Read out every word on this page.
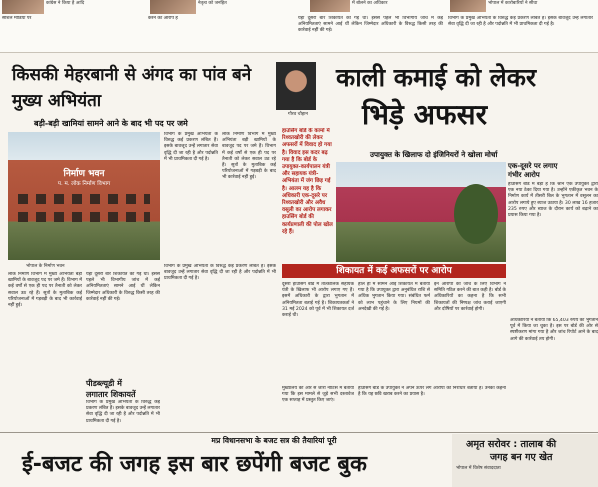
कांग्रेस ने किया है आदि	नेतृत्व को जनहित	में बोलने का अधिकार	भोपाल में कारोबारियों ने सीधा
सोशल मीडिया पर	करने का आरोप है	यहां दूसरी बार शिकायत की गई थी। इससे पहले भी विभागीय जांच में कई अनियमितताएं सामने आई थीं लेकिन जिम्मेदार अधिकारी के विरुद्ध किसी तरह की कार्रवाई नहीं की गई।
विभाग के प्रमुख अभियंता के विरुद्ध कई प्रकरण लंबित हैं। इसके बावजूद उन्हें लगातार सेवा वृद्धि दी जा रही है और पदोन्नति में भी प्राथमिकता दी गई है।
किसकी मेहरबानी से अंगद का पांव बने मुख्य अभियंता
बड़ी-बड़ी खामियां सामने आने के बाद भी पद पर जमे
निर्माण भवन
प. म. लोक निर्माण विभाग
गौरव चौहान
विभाग के प्रमुख अभियंता के विरुद्ध कई प्रकरण लंबित हैं। इसके बावजूद उन्हें लगातार सेवा वृद्धि दी जा रही है और पदोन्नति में भी प्राथमिकता दी गई है।
लोक निर्माण विभाग में मुख्य अभियंता बड़ी खामियों के बावजूद पद पर जमे हैं। विभाग में कई वर्षों से एक ही पद पर तैनाती को लेकर सवाल उठ रहे हैं। सूत्रों के मुताबिक कई परियोजनाओं में गड़बड़ी के बाद भी कार्रवाई नहीं हुई।
भोपाल के निर्माण भवन
लोक निर्माण विभाग में मुख्य अभियंता बड़ी खामियों के बावजूद पद पर जमे हैं। विभाग में कई वर्षों से एक ही पद पर तैनाती को लेकर सवाल उठ रहे हैं। सूत्रों के मुताबिक कई परियोजनाओं में गड़बड़ी के बाद भी कार्रवाई नहीं हुई।
यहां दूसरी बार शिकायत की गई थी। इससे पहले भी विभागीय जांच में कई अनियमितताएं सामने आई थीं लेकिन जिम्मेदार अधिकारी के विरुद्ध किसी तरह की कार्रवाई नहीं की गई।
पीडब्ल्यूडी में
लगातार शिकायतें
विभाग के प्रमुख अभियंता के विरुद्ध कई प्रकरण लंबित हैं। इसके बावजूद उन्हें लगातार सेवा वृद्धि दी जा रही है और पदोन्नति में भी प्राथमिकता दी गई है।
विभाग के प्रमुख अभियंता के विरुद्ध कई प्रकरण लंबित हैं। इसके बावजूद उन्हें लगातार सेवा वृद्धि दी जा रही है और पदोन्नति में भी प्राथमिकता दी गई है।
हाउसिंग बोर्ड के कामों में रिश्वतखोरी की लेकर अफसरों में विवाद हो गया है। विवाद इस कदर बढ़ गया है कि बोर्ड के उपायुक्त-कार्यपालन यंत्री और सहायक यंत्री-अभियंता में जंग छिड़ गई है। आलम यह है कि अधिकारी एक-दूसरे पर रिश्वतखोरी और अवैध वसूली का आरोप लगाकर हाउसिंग बोर्ड की कार्यप्रणाली की पोल खोल रहे हैं।
काली कमाई को लेकर
भिड़े अफसर
उपायुक्त के खिलाफ दो इंजिनियरों ने खोला मोर्चा
एक-दूसरे पर लगाए
गंभीर आरोप
हाउसिंग बोर्ड में बड़ा है कि श्रीन एक उपायुक्त द्वारा एक नया ठेका दिया गया है। उन्होंने एकीकृत भवन के निर्माण कार्य में तीसरी बिल के भुगतान में वसूलन का आरोप लगाये हुए ब्याज उठाया है। 30 लाख 16 हजार 235 रुपए और ब्याज के दौरान कार्य को बढ़ाने का प्रयास किया गया है।
शिकायत में कई अफसरों पर आरोप
दूसरी हाउसिंग बोर्ड में तात्कालिक सहायक यंत्री के खिलाफ भी आरोप लगाए गए हैं। इसमें अधिकारी के द्वारा भुगतान में अनियमितता बताई गई है। शिकायतकर्ता ने 31 मई 2024 को पूर्व में भी शिकायत दर्ज कराई थी।
हाल ही में सामने आई शिकायत में बताया गया है कि उपायुक्त द्वारा अनुबंधित राशि से अधिक भुगतान किया गया। संबंधित फर्म को लाभ पहुंचाने के लिए नियमों की अनदेखी की गई है।
इन आरोपों की जांच के लिए विभाग ने समिति गठित करने की बात कही है। बोर्ड के अधिकारियों का कहना है कि सभी शिकायतों की निष्पक्ष जांच कराई जाएगी और दोषियों पर कार्रवाई होगी।
मुख्यालय की ओर से जारी नोटिस में बताया गया कि इस मामले से जुड़े सभी दस्तावेज एक सप्ताह में प्रस्तुत किए जाएं।
हाउसिंग बोर्ड के उपायुक्त ने अपने ऊपर लगे आरोपों को निराधार बताया है। उनका कहना है कि यह छवि खराब करने का प्रयास है।
अधिकारियों ने बताया कि 65,403 रुपये का भुगतान पूर्व में किया जा चुका है। इस पर बोर्ड की ओर से स्पष्टीकरण मांगा गया है और जांच रिपोर्ट आने के बाद आगे की कार्रवाई तय होगी।
मप्र विधानसभा के बजट सत्र की तैयारियां पूरी
ई-बजट की जगह इस बार छपेंगी बजट बुक
अमृत सरोवर : तालाब की
जगह बन गए खेत
भोपाल में विशेष संवाददाता
